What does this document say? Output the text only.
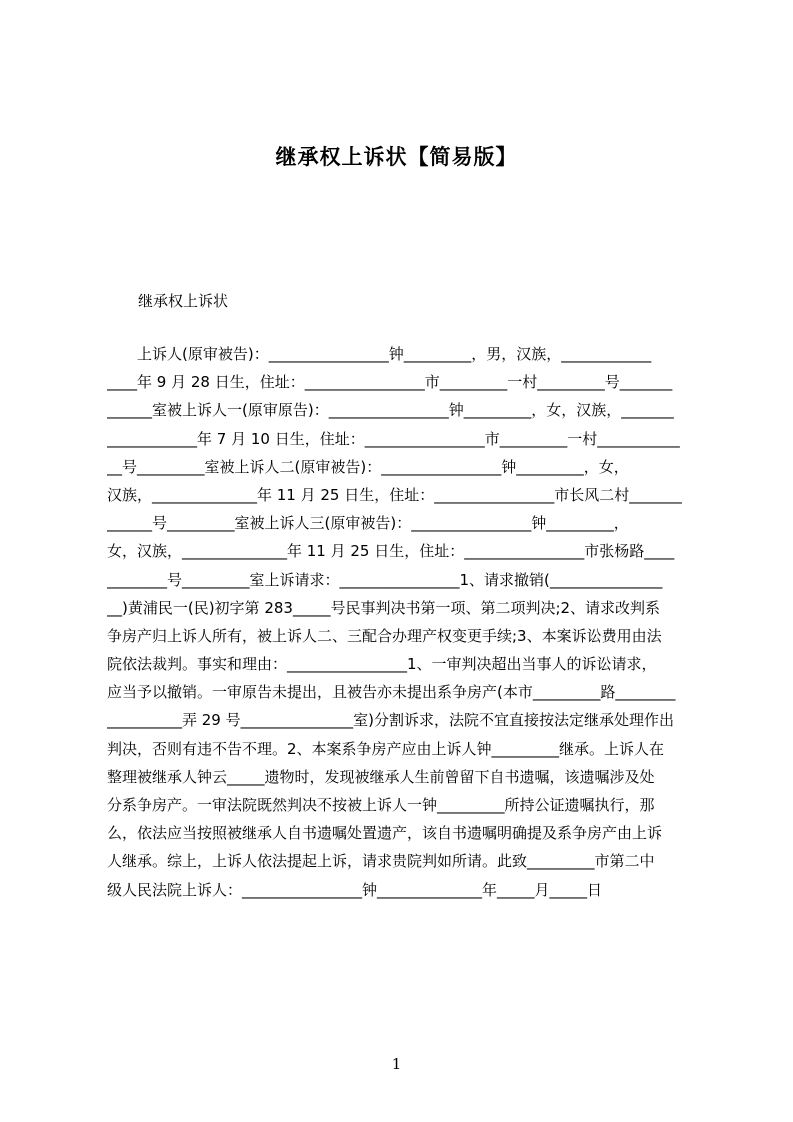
继承权上诉状【简易版】

继承权上诉状

　　上诉人(原审被告)：________________钟_________，男，汉族，____________
____年 9 月 28 日生，住址：________________市_________一村_________号_______
______室被上诉人一(原审原告)：________________钟_________，女，汉族，_______
____________年 7 月 10 日生，住址：________________市_________一村___________
__号_________室被上诉人二(原审被告)：________________钟_________，女，
汉族，______________年 11 月 25 日生，住址：________________市长风二村_______
______号_________室被上诉人三(原审被告)：________________钟_________，
女，汉族，______________年 11 月 25 日生，住址：________________市张杨路____
________号_________室上诉请求：________________1、请求撤销(_______________
__)黄浦民一(民)初字第 283_____号民事判决书第一项、第二项判决;2、请求改判系
争房产归上诉人所有，被上诉人二、三配合办理产权变更手续;3、本案诉讼费用由法
院依法裁判。事实和理由：________________1、一审判决超出当事人的诉讼请求，
应当予以撤销。一审原告未提出，且被告亦未提出系争房产(本市_________路________
__________弄 29 号_______________室)分割诉求，法院不宜直接按法定继承处理作出
判决，否则有违不告不理。2、本案系争房产应由上诉人钟_________继承。上诉人在
整理被继承人钟云_____遗物时，发现被继承人生前曾留下自书遗嘱，该遗嘱涉及处
分系争房产。一审法院既然判决不按被上诉人一钟_________所持公证遗嘱执行，那
么，依法应当按照被继承人自书遗嘱处置遗产，该自书遗嘱明确提及系争房产由上诉
人继承。综上，上诉人依法提起上诉，请求贵院判如所请。此致_________市第二中
级人民法院上诉人：________________钟______________年_____月_____日

1
